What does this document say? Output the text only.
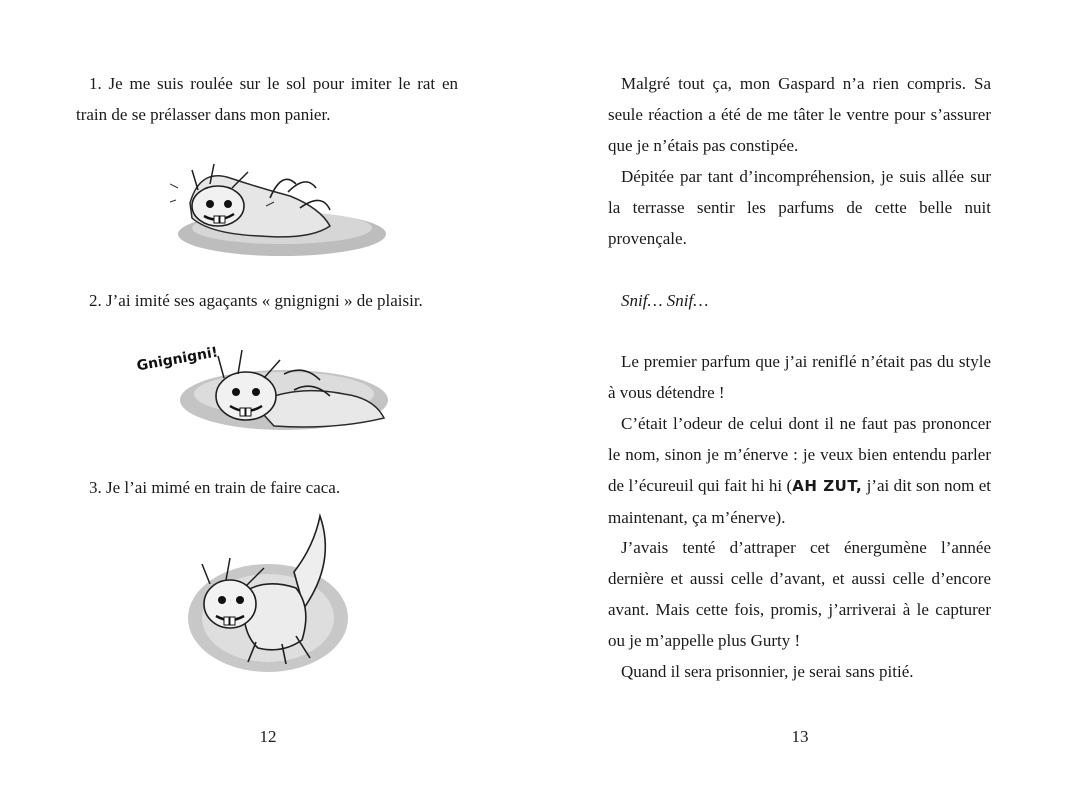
1. Je me suis roulée sur le sol pour imiter le rat en train de se prélasser dans mon panier.

2. J’ai imité ses agaçants « gnignigni » de plaisir.

Gnignigni!

3. Je l’ai mimé en train de faire caca.

12

Malgré tout ça, mon Gaspard n’a rien compris. Sa seule réaction a été de me tâter le ventre pour s’assurer que je n’étais pas constipée.

Dépitée par tant d’incompréhension, je suis allée sur la terrasse sentir les parfums de cette belle nuit provençale.

Snif… Snif…

Le premier parfum que j’ai reniflé n’était pas du style à vous détendre !

C’était l’odeur de celui dont il ne faut pas prononcer le nom, sinon je m’énerve : je veux bien entendu parler de l’écureuil qui fait hi hi (AH ZUT, j’ai dit son nom et maintenant, ça m’énerve).

J’avais tenté d’attraper cet énergumène l’année dernière et aussi celle d’avant, et aussi celle d’encore avant. Mais cette fois, promis, j’arriverai à le capturer ou je m’appelle plus Gurty !

Quand il sera prisonnier, je serai sans pitié.

13
